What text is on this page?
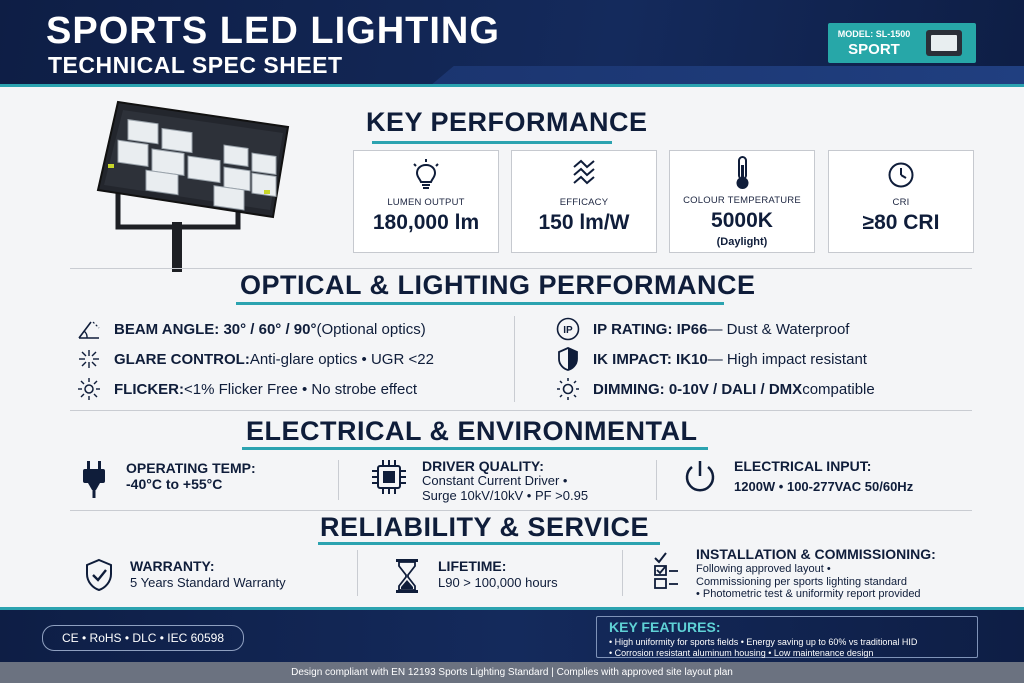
SPORTS LED LIGHTING
TECHNICAL SPEC SHEET
MODEL: SL-1500
SPORT
KEY PERFORMANCE
LUMEN OUTPUT
180,000 lm
EFFICACY
150 lm/W
COLOUR TEMPERATURE
5000K
(Daylight)
CRI
≥80 CRI
OPTICAL & LIGHTING PERFORMANCE
BEAM ANGLE: 30° / 60° / 90° (Optional optics)
GLARE CONTROL: Anti-glare optics • UGR <22
FLICKER: <1% Flicker Free • No strobe effect
IP IP RATING: IP66 — Dust & Waterproof
IK IMPACT: IK10 — High impact resistant
DIMMING: 0-10V / DALI / DMX compatible
ELECTRICAL & ENVIRONMENTAL
OPERATING TEMP:
-40°C to +55°C
DRIVER QUALITY:
Constant Current Driver •
Surge 10kV/10kV • PF >0.95
ELECTRICAL INPUT:
1200W • 100-277VAC 50/60Hz
RELIABILITY & SERVICE
WARRANTY:
5 Years Standard Warranty
LIFETIME:
L90 > 100,000 hours
INSTALLATION & COMMISSIONING:
Following approved layout •
Commissioning per sports lighting standard
• Photometric test & uniformity report provided
CE • RoHS • DLC • IEC 60598
KEY FEATURES:
• High uniformity for sports fields • Energy saving up to 60% vs traditional HID
• Corrosion resistant aluminum housing • Low maintenance design
Design compliant with EN 12193 Sports Lighting Standard | Complies with approved site layout plan
